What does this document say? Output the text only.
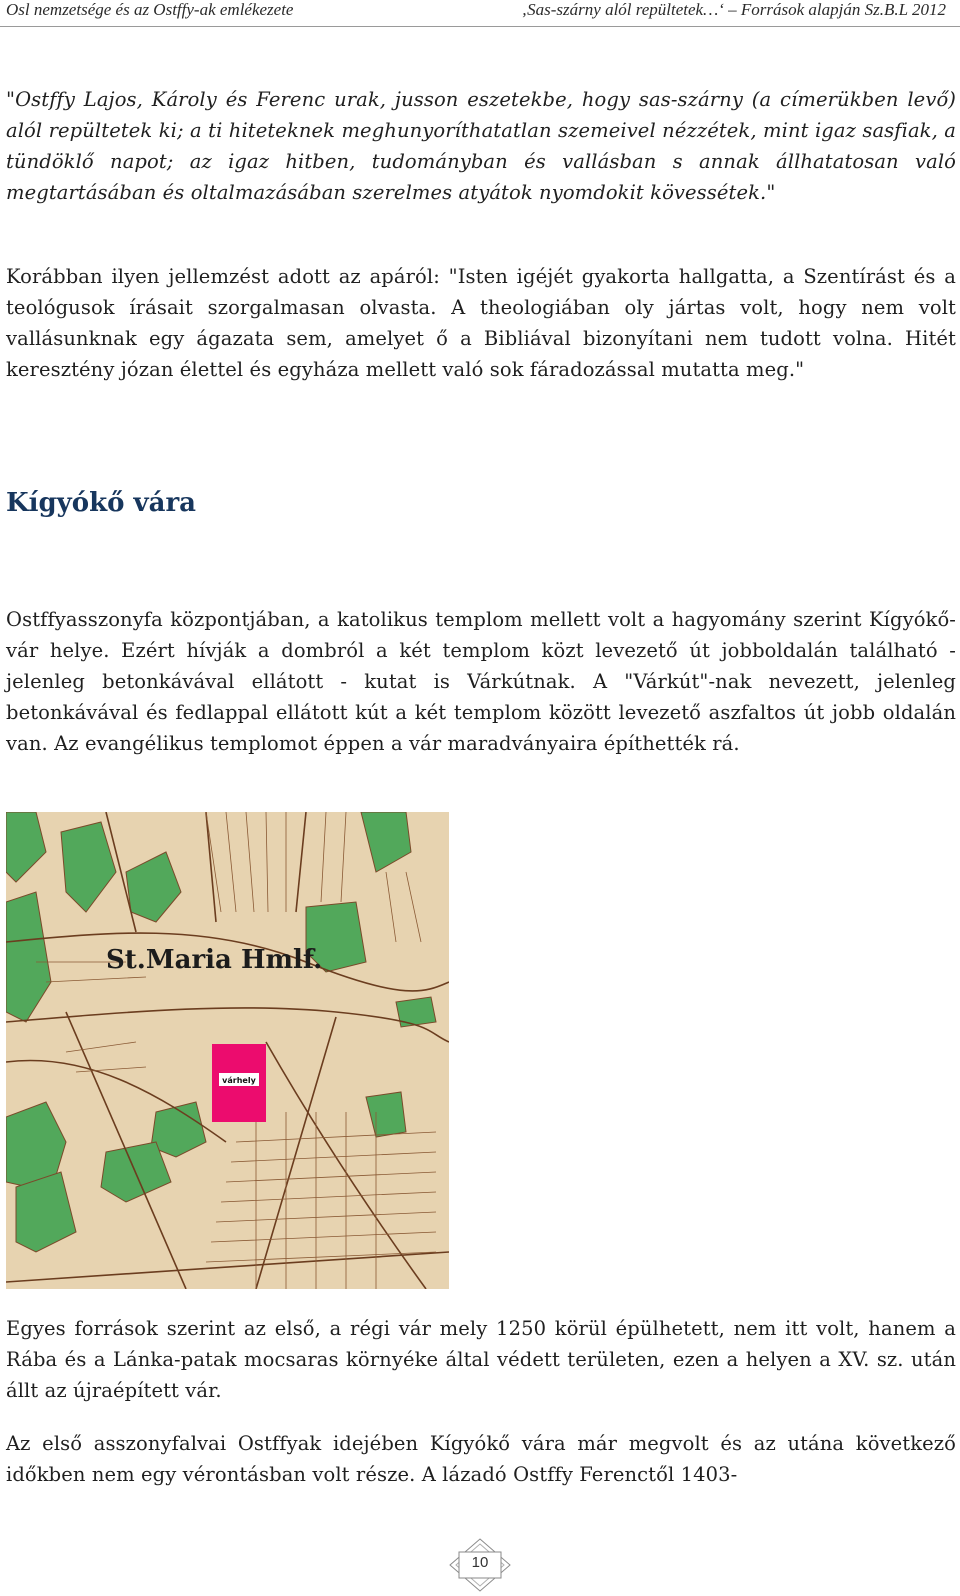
Osl nemzetsége és az Ostffy-ak emlékezete	‚Sas-szárny alól repültetek…‘ – Források alapján Sz.B.L 2012

"Ostffy Lajos, Károly és Ferenc urak, jusson eszetekbe, hogy sas-szárny (a címerükben levő) alól repültetek ki; a ti hiteteknek meghunyoríthatatlan szemeivel nézzétek, mint igaz sasfiak, a tündöklő napot; az igaz hitben, tudományban és vallásban s annak állhatatosan való megtartásában és oltalmazásában szerelmes atyátok nyomdokit kövessétek."

Korábban ilyen jellemzést adott az apáról: "Isten igéjét gyakorta hallgatta, a Szentírást és a teológusok írásait szorgalmasan olvasta. A theologiában oly jártas volt, hogy nem volt vallásunknak egy ágazata sem, amelyet ő a Bibliával bizonyítani nem tudott volna. Hitét keresztény józan élettel és egyháza mellett való sok fáradozással mutatta meg."

Kígyókő vára

Ostffyasszonyfa központjában, a katolikus templom mellett volt a hagyomány szerint Kígyókő-vár helye. Ezért hívják a dombról a két templom közt levezető út jobboldalán található - jelenleg betonkávával ellátott - kutat is Várkútnak. A "Várkút"-nak nevezett, jelenleg betonkávával és fedlappal ellátott kút a két templom között levezető aszfaltos út jobb oldalán van. Az evangélikus templomot éppen a vár maradványaira építhették rá.

St.Maria Hmlf.
várhely

Egyes források szerint az első, a régi vár mely 1250 körül épülhetett, nem itt volt, hanem a Rába és a Lánka-patak mocsaras környéke által védett területen, ezen a helyen a XV. sz. után állt az újraépített vár.

Az első asszonyfalvai Ostffyak idejében Kígyókő vára már megvolt és az utána következő időkben nem egy vérontásban volt része. A lázadó Ostffy Ferenctől 1403-

10
